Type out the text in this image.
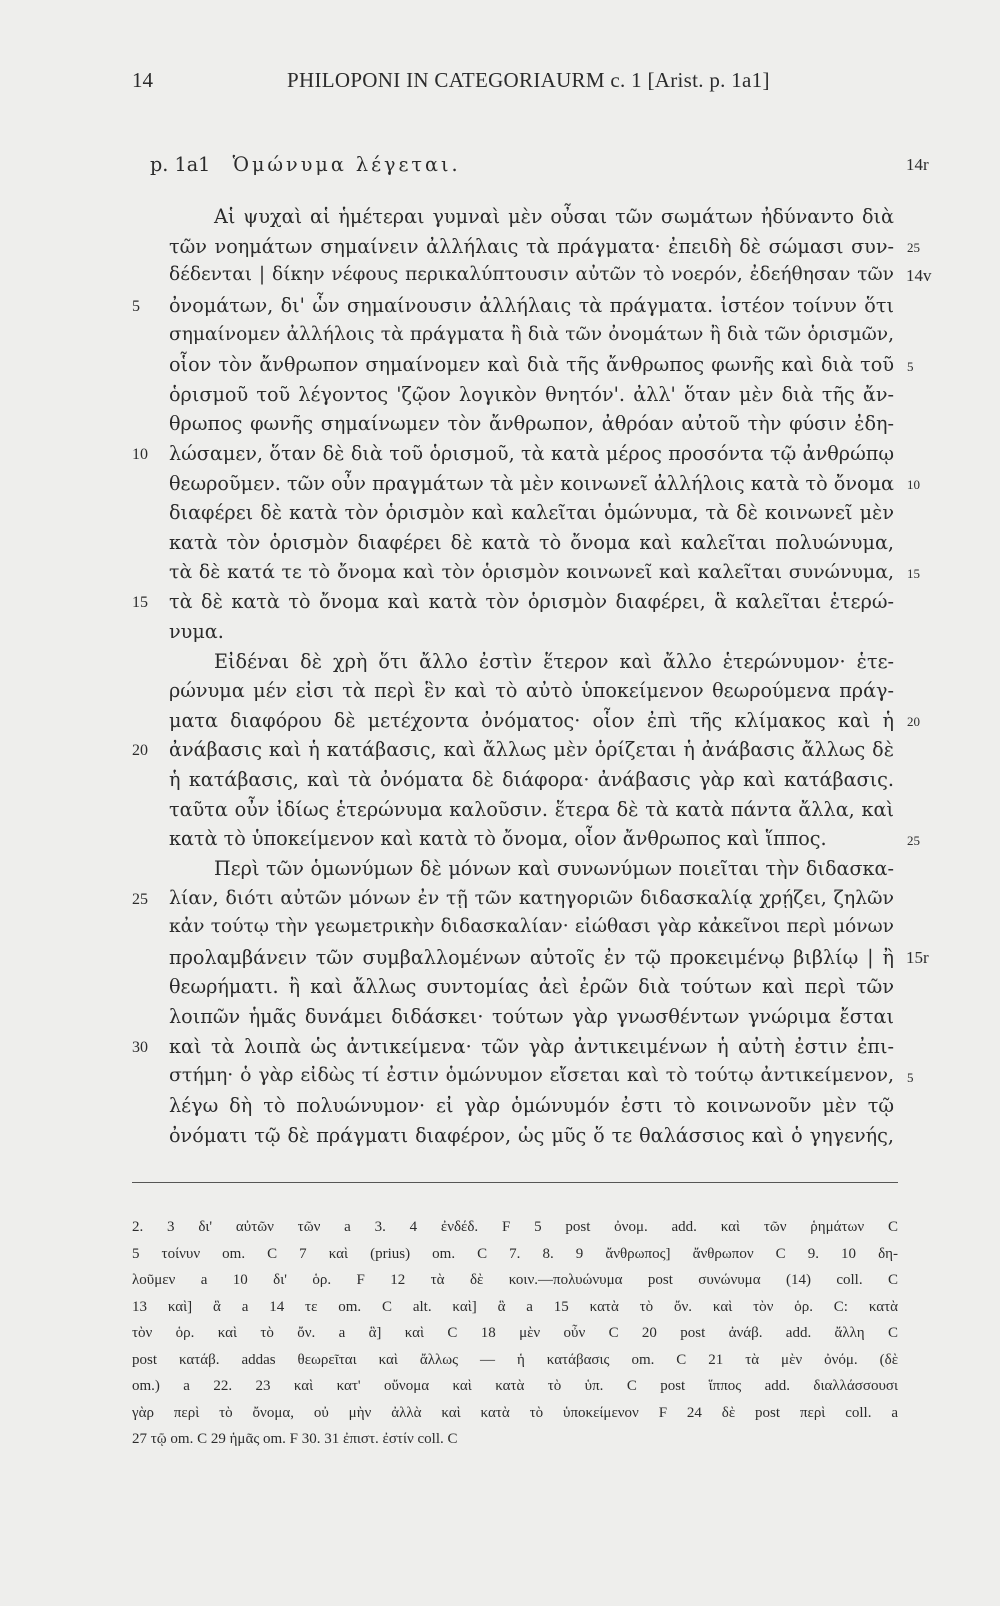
14	PHILOPONI IN CATEGORIAURM c. 1 [Arist. p. 1a1]
p. 1a1 Ὁμώνυμα λέγεται.	14r
Αἱ ψυχαὶ αἱ ἡμέτεραι γυμναὶ μὲν οὖσαι τῶν σωμάτων ἠδύναντο διὰ
τῶν νοημάτων σημαίνειν ἀλλήλαις τὰ πράγματα· ἐπειδὴ δὲ σώμασι συν-
δέδενται | δίκην νέφους περικαλύπτουσιν αὐτῶν τὸ νοερόν, ἐδεήθησαν τῶν
ὀνομάτων, δι' ὧν σημαίνουσιν ἀλλήλαις τὰ πράγματα. ἰστέον τοίνυν ὅτι
σημαίνομεν ἀλλήλοις τὰ πράγματα ἢ διὰ τῶν ὀνομάτων ἢ διὰ τῶν ὁρισμῶν,
οἷον τὸν ἄνθρωπον σημαίνομεν καὶ διὰ τῆς ἄνθρωπος φωνῆς καὶ διὰ τοῦ
ὁρισμοῦ τοῦ λέγοντος 'ζῷον λογικὸν θνητόν'. ἀλλ' ὅταν μὲν διὰ τῆς ἄν-
θρωπος φωνῆς σημαίνωμεν τὸν ἄνθρωπον, ἀθρόαν αὐτοῦ τὴν φύσιν ἐδη-
λώσαμεν, ὅταν δὲ διὰ τοῦ ὁρισμοῦ, τὰ κατὰ μέρος προσόντα τῷ ἀνθρώπῳ
θεωροῦμεν. τῶν οὖν πραγμάτων τὰ μὲν κοινωνεῖ ἀλλήλοις κατὰ τὸ ὄνομα
διαφέρει δὲ κατὰ τὸν ὁρισμὸν καὶ καλεῖται ὁμώνυμα, τὰ δὲ κοινωνεῖ μὲν
κατὰ τὸν ὁρισμὸν διαφέρει δὲ κατὰ τὸ ὄνομα καὶ καλεῖται πολυώνυμα,
τὰ δὲ κατά τε τὸ ὄνομα καὶ τὸν ὁρισμὸν κοινωνεῖ καὶ καλεῖται συνώνυμα,
τὰ δὲ κατὰ τὸ ὄνομα καὶ κατὰ τὸν ὁρισμὸν διαφέρει, ἃ καλεῖται ἑτερώ-
νυμα.
Εἰδέναι δὲ χρὴ ὅτι ἄλλο ἐστὶν ἕτερον καὶ ἄλλο ἑτερώνυμον· ἑτε-
ρώνυμα μέν εἰσι τὰ περὶ ἓν καὶ τὸ αὐτὸ ὑποκείμενον θεωρούμενα πράγ-
ματα διαφόρου δὲ μετέχοντα ὀνόματος· οἷον ἐπὶ τῆς κλίμακος καὶ ἡ
ἀνάβασις καὶ ἡ κατάβασις, καὶ ἄλλως μὲν ὁρίζεται ἡ ἀνάβασις ἄλλως δὲ
ἡ κατάβασις, καὶ τὰ ὀνόματα δὲ διάφορα· ἀνάβασις γὰρ καὶ κατάβασις.
ταῦτα οὖν ἰδίως ἑτερώνυμα καλοῦσιν. ἕτερα δὲ τὰ κατὰ πάντα ἄλλα, καὶ
κατὰ τὸ ὑποκείμενον καὶ κατὰ τὸ ὄνομα, οἷον ἄνθρωπος καὶ ἵππος.
Περὶ τῶν ὁμωνύμων δὲ μόνων καὶ συνωνύμων ποιεῖται τὴν διδασκα-
λίαν, διότι αὐτῶν μόνων ἐν τῇ τῶν κατηγοριῶν διδασκαλίᾳ χρῄζει, ζηλῶν
κἀν τούτῳ τὴν γεωμετρικὴν διδασκαλίαν· εἰώθασι γὰρ κἀκεῖνοι περὶ μόνων
προλαμβάνειν τῶν συμβαλλομένων αὐτοῖς ἐν τῷ προκειμένῳ βιβλίῳ | ἢ
θεωρήματι. ἢ καὶ ἄλλως συντομίας ἀεὶ ἐρῶν διὰ τούτων καὶ περὶ τῶν
λοιπῶν ἡμᾶς δυνάμει διδάσκει· τούτων γὰρ γνωσθέντων γνώριμα ἔσται
καὶ τὰ λοιπὰ ὡς ἀντικείμενα· τῶν γὰρ ἀντικειμένων ἡ αὐτὴ ἐστιν ἐπι-
στήμη· ὁ γὰρ εἰδὼς τί ἐστιν ὁμώνυμον εἴσεται καὶ τὸ τούτῳ ἀντικείμενον,
λέγω δὴ τὸ πολυώνυμον· εἰ γὰρ ὁμώνυμόν ἐστι τὸ κοινωνοῦν μὲν τῷ
ὀνόματι τῷ δὲ πράγματι διαφέρον, ὡς μῦς ὅ τε θαλάσσιος καὶ ὁ γηγενής,
5
10
15
20
25
30
25
5
10
15
20
25
5
14v
15r
2. 3 δι' αὐτῶν τῶν a 3. 4 ἐνδέδ. F 5 post ὀνομ. add. καὶ τῶν ῥημάτων C
5 τοίνυν om. C 7 καὶ (prius) om. C 7. 8. 9 ἄνθρωπος] ἄνθρωπον C 9. 10 δη-
λοῦμεν a 10 δι' ὁρ. F 12 τὰ δὲ κοιν.—πολυώνυμα post συνώνυμα (14) coll. C
13 καὶ] ἃ a 14 τε om. C alt. καὶ] ἃ a 15 κατὰ τὸ ὄν. καὶ τὸν ὁρ. C: κατὰ
τὸν ὁρ. καὶ τὸ ὄν. a ἃ] καὶ C 18 μὲν οὖν C 20 post ἀνάβ. add. ἄλλη C
post κατάβ. addas θεωρεῖται καὶ ἄλλως — ἡ κατάβασις om. C 21 τὰ μὲν ὀνόμ. (δὲ
om.) a 22. 23 καὶ κατ' οὔνομα καὶ κατὰ τὸ ὑπ. C post ἵππος add. διαλλάσσουσι
γὰρ περὶ τὸ ὄνομα, οὐ μὴν ἀλλὰ καὶ κατὰ τὸ ὑποκείμενον F 24 δὲ post περὶ coll. a
27 τῷ om. C 29 ἡμᾶς om. F 30. 31 ἐπιστ. ἐστίν coll. C
